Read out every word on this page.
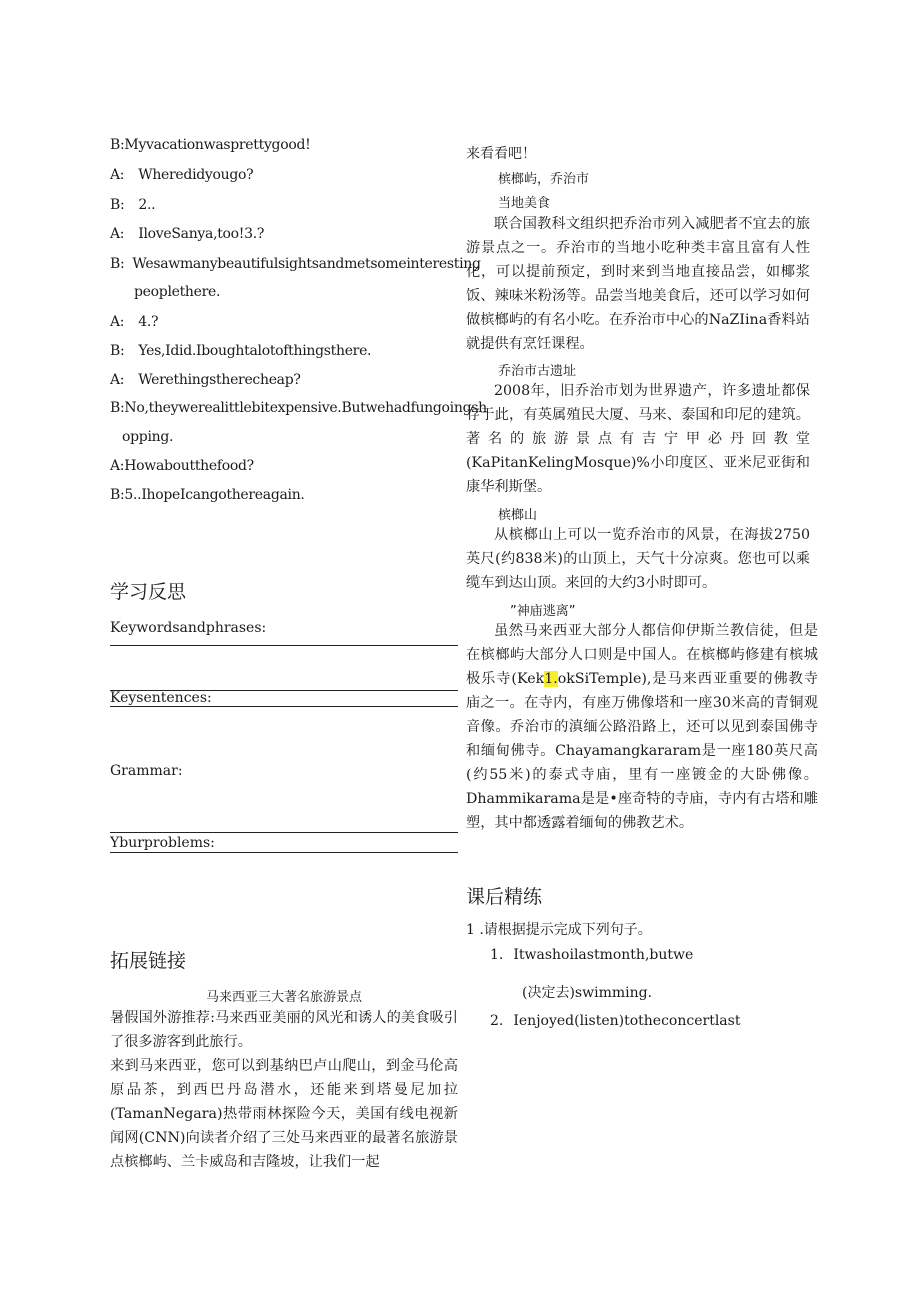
B:Myvacationwasprettygood!
A: Wheredidyougo?
B: 2..
A: IloveSanya,too!3.?
B: Wesawmanybeautifulsightsandmetsomeinteresting
peoplethere.
A: 4.?
B: Yes,Idid.Iboughtalotofthingsthere.
A: Werethingstherecheap?
B:No,theywerealittlebitexpensive.Butwehadfungoingsh
opping.
A:Howaboutthefood?
B:5..IhopeIcangothereagain.
学习反思
Keywordsandphrases:
Keysentences:
Grammar:
Yburproblems:
拓展链接
马来西亚三大著名旅游景点
暑假国外游推荐:马来西亚美丽的风光和诱人的美食吸引了很多游客到此旅行。
来到马来西亚，您可以到基纳巴卢山爬山，到金马伦高原品茶，到西巴丹岛潜水，还能来到塔曼尼加拉(TamanNegara)热带雨林探险今天，美国有线电视新闻网(CNN)向读者介绍了三处马来西亚的最著名旅游景点槟榔屿、兰卡威岛和吉隆坡，让我们一起
来看看吧！
槟榔屿，乔治市
当地美食
联合国教科文组织把乔治市列入减肥者不宜去的旅游景点之一。乔治市的当地小吃种类丰富且富有人性化，可以提前预定，到时来到当地直接品尝，如椰浆饭、辣味米粉汤等。品尝当地美食后，还可以学习如何做槟榔屿的有名小吃。在乔治市中心的NaZIina香料站就提供有烹饪课程。
乔治市古遗址
2008年，旧乔治市划为世界遗产，许多遗址都保存于此，有英属殖民大厦、马来、泰国和印尼的建筑。著名的旅游景点有吉宁甲必丹回教堂(KaPitanKelingMosque)%小印度区、亚米尼亚街和康华利斯堡。
槟榔山
从槟榔山上可以一览乔治市的风景，在海拔2750英尺(约838米)的山顶上，天气十分凉爽。您也可以乘缆车到达山顶。来回的大约3小时即可。
”神庙逃离”
虽然马来西亚大部分人都信仰伊斯兰教信徒，但是在槟榔屿大部分人口则是中国人。在槟榔屿修建有槟城极乐寺(Kek1.okSiTemple),是马来西亚重要的佛教寺庙之一。在寺内，有座万佛像塔和一座30米高的青铜观音像。乔治市的滇缅公路沿路上，还可以见到泰国佛寺和缅甸佛寺。Chayamangkararam是一座180英尺高(约55米)的泰式寺庙，里有一座镀金的大卧佛像。Dhammikarama是是•座奇特的寺庙，寺内有古塔和雕塑，其中都透露着缅甸的佛教艺术。
课后精练
1 .请根据提示完成下列句子。
1. Itwashoilastmonth,butwe
(决定去)swimming.
2. Ienjoyed(listen)totheconcertlast
